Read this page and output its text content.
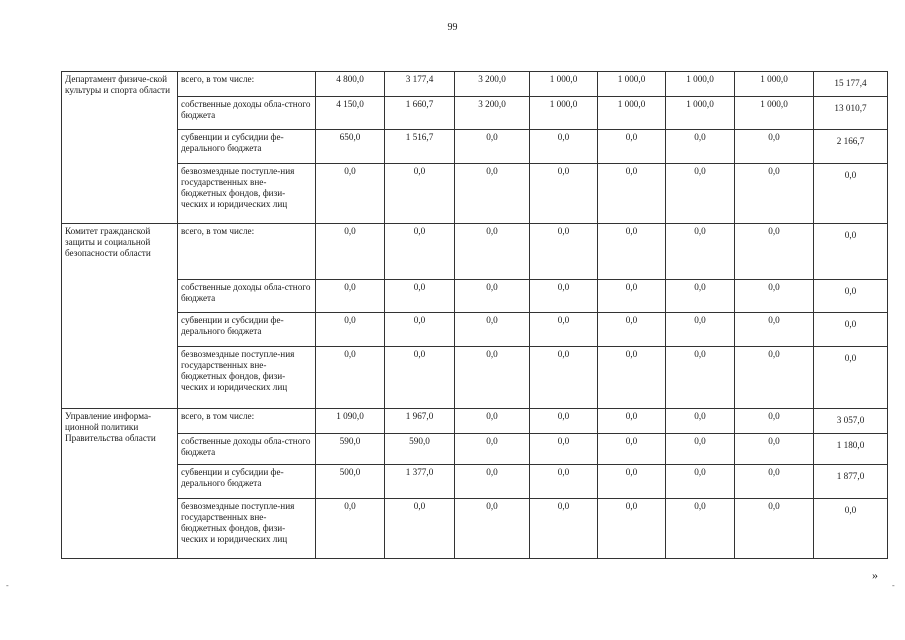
99
Департамент физиче-ской культуры и спорта области	всего, в том числе:	4 800,0	3 177,4	3 200,0	1 000,0	1 000,0	1 000,0	1 000,0	15 177,4
	собственные доходы обла-стного бюджета	4 150,0	1 660,7	3 200,0	1 000,0	1 000,0	1 000,0	1 000,0	13 010,7
	субвенции и субсидии фе-дерального бюджета	650,0	1 516,7	0,0	0,0	0,0	0,0	0,0	2 166,7
	безвозмездные поступле-ния государственных вне-бюджетных фондов, физи-ческих и юридических лиц	0,0	0,0	0,0	0,0	0,0	0,0	0,0	0,0
Комитет гражданской защиты и социальной безопасности области	всего, в том числе:	0,0	0,0	0,0	0,0	0,0	0,0	0,0	0,0
	собственные доходы обла-стного бюджета	0,0	0,0	0,0	0,0	0,0	0,0	0,0	0,0
	субвенции и субсидии фе-дерального бюджета	0,0	0,0	0,0	0,0	0,0	0,0	0,0	0,0
	безвозмездные поступле-ния государственных вне-бюджетных фондов, физи-ческих и юридических лиц	0,0	0,0	0,0	0,0	0,0	0,0	0,0	0,0
Управление информа-ционной политики Правительства области	всего, в том числе:	1 090,0	1 967,0	0,0	0,0	0,0	0,0	0,0	3 057,0
	собственные доходы обла-стного бюджета	590,0	590,0	0,0	0,0	0,0	0,0	0,0	1 180,0
	субвенции и субсидии фе-дерального бюджета	500,0	1 377,0	0,0	0,0	0,0	0,0	0,0	1 877,0
	безвозмездные поступле-ния государственных вне-бюджетных фондов, физи-ческих и юридических лиц	0,0	0,0	0,0	0,0	0,0	0,0	0,0	0,0
»
-	-
